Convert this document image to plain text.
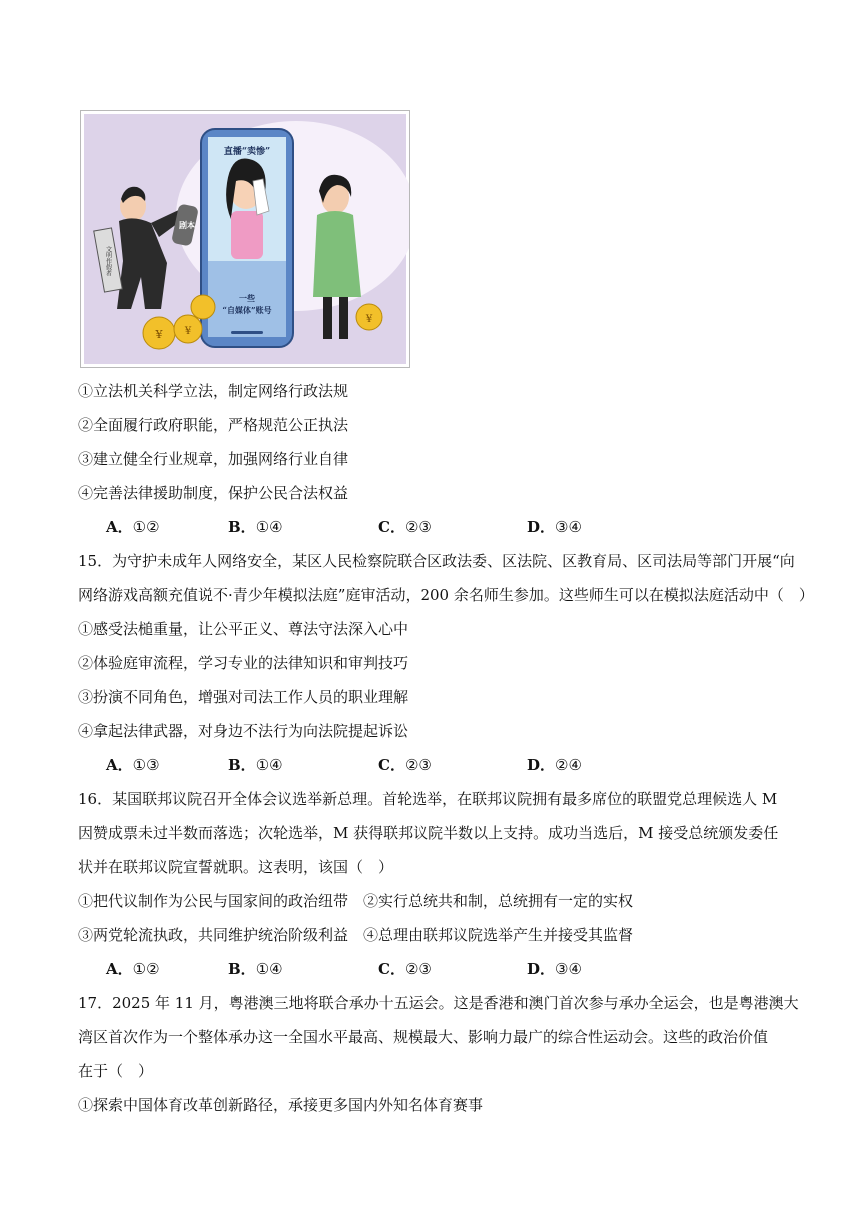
直播“卖惨”
一些
“自媒体”账号
剧本
文明作假者
¥ ¥
¥
①立法机关科学立法，制定网络行政法规
②全面履行政府职能，严格规范公正执法
③建立健全行业规章，加强网络行业自律
④完善法律援助制度，保护公民合法权益
A．①②	B．①④	C．②③	D．③④
15．为守护未成年人网络安全，某区人民检察院联合区政法委、区法院、区教育局、区司法局等部门开展“向
网络游戏高额充值说不·青少年模拟法庭”庭审活动，200 余名师生参加。这些师生可以在模拟法庭活动中（　）
①感受法槌重量，让公平正义、尊法守法深入心中
②体验庭审流程，学习专业的法律知识和审判技巧
③扮演不同角色，增强对司法工作人员的职业理解
④拿起法律武器，对身边不法行为向法院提起诉讼
A．①③	B．①④	C．②③	D．②④
16．某国联邦议院召开全体会议选举新总理。首轮选举，在联邦议院拥有最多席位的联盟党总理候选人 M
因赞成票未过半数而落选；次轮选举，M 获得联邦议院半数以上支持。成功当选后，M 接受总统颁发委任
状并在联邦议院宣誓就职。这表明，该国（　）
①把代议制作为公民与国家间的政治纽带　②实行总统共和制，总统拥有一定的实权
③两党轮流执政，共同维护统治阶级利益　④总理由联邦议院选举产生并接受其监督
A．①②	B．①④	C．②③	D．③④
17．2025 年 11 月，粤港澳三地将联合承办十五运会。这是香港和澳门首次参与承办全运会，也是粤港澳大
湾区首次作为一个整体承办这一全国水平最高、规模最大、影响力最广的综合性运动会。这些的政治价值
在于（　）
①探索中国体育改革创新路径，承接更多国内外知名体育赛事
